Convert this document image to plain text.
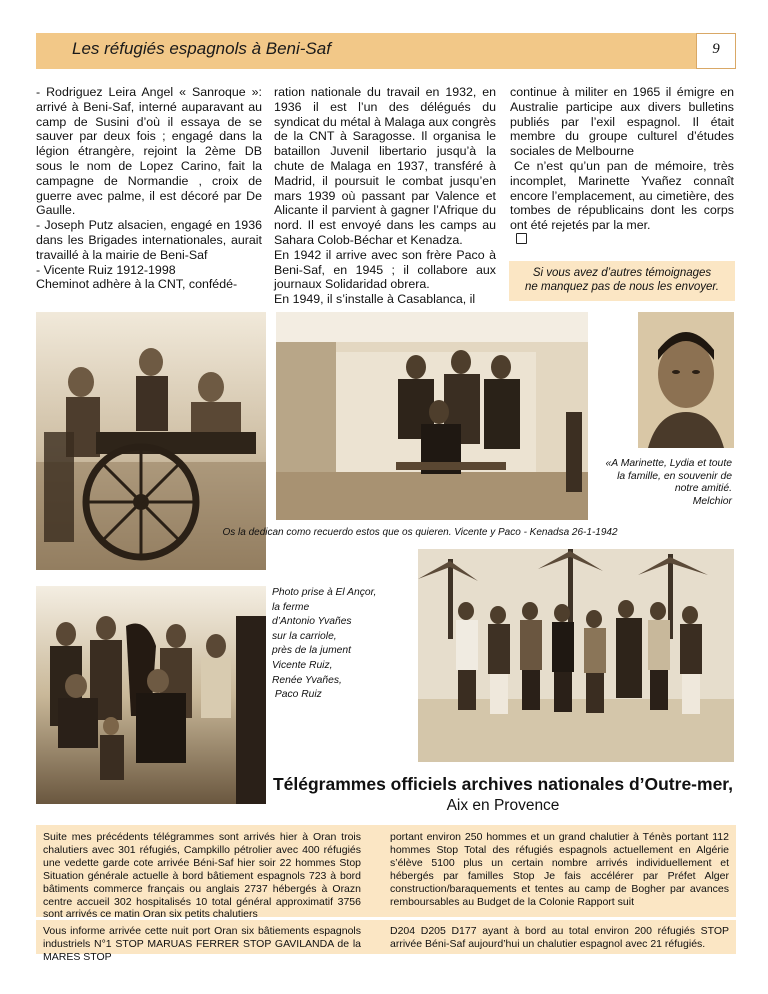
Les réfugiés espagnols à Beni-Saf	9

- Rodriguez Leira Angel « Sanroque »: arrivé à Beni-Saf, interné auparavant au camp de Susini d’où il essaya de se sauver par deux fois ; engagé dans la légion étrangère, rejoint la 2ème DB sous le nom de Lopez Carino, fait la campagne de Normandie , croix de guerre avec palme, il est décoré par De Gaulle.

- Joseph Putz alsacien, engagé en 1936 dans les Brigades internationales, aurait travaillé à la mairie de Beni-Saf

- Vicente Ruiz 1912-1998

Cheminot adhère à la CNT, confédé-

ration nationale du travail en 1932, en 1936 il est l’un des délégués du syndicat du métal à Malaga aux congrès de la CNT à Saragosse. Il organisa le bataillon Juvenil libertario jusqu’à la chute de Malaga en 1937, transféré à Madrid, il poursuit le combat jusqu’en mars 1939 où passant par Valence et Alicante il parvient à gagner l’Afrique du nord. Il est envoyé dans les camps au Sahara Colob-Béchar et Kenadza.

En 1942 il arrive avec son frère Paco à Beni-Saf, en 1945 ; il collabore aux journaux Solidaridad obrera.

En 1949, il s’installe à Casablanca, il

continue à militer en 1965 il émigre en Australie participe aux divers bulletins publiés par l’exil espagnol. Il était membre du groupe culturel d’études sociales de Melbourne

Ce n’est qu’un pan de mémoire, très incomplet, Marinette Yvañez connaît encore l’emplacement, au cimetière, des tombes de républicains dont les corps ont été rejetés par la mer.

Si vous avez d’autres témoignages
ne manquez pas de nous les envoyer.
«A Marinette, Lydia et toute
la famille, en souvenir de
notre amitié.
Melchior
Os la dedican como recuerdo estos que os quieren. Vicente y Paco - Kenadsa 26-1-1942
Photo prise à El Ançor,
la ferme
d’Antonio Yvañes
sur la carriole,
près de la jument
Vicente Ruiz,
Renée Yvañes,
Paco Ruiz
Télégrammes officiels archives nationales d’Outre-mer,
Aix en Provence
Suite mes précédents télégrammes sont arrivés hier à Oran trois chalutiers avec 301 réfugiés, Campkillo pétrolier avec 400 réfugiés une vedette garde cote arrivée Béni-Saf hier soir 22 hommes Stop Situation générale actuelle à bord bâtiement espagnols 723 à bord bâtiments commerce français ou anglais 2737 hébergés à Orazn centre accueil 302 hospitalisés 10 total général approximatif 3756 sont arrivés ce matin Oran six petits chalutiers
portant environ 250 hommes et un grand chalutier à Ténès portant 112 hommes Stop Total des réfugiés espagnols actuellement en Algérie s’élève 5100 plus un certain nombre arrivés individuellement et hébergés par familles Stop Je fais accélérer par Préfet Alger construction/baraquements et tentes au camp de Bogher par avances remboursables au Budget de la Colonie Rapport suit
Vous informe arrivée cette nuit port Oran six bâtiements espagnols industriels N°1 STOP MARUAS FERRER STOP GAVILANDA de la MARES STOP
D204 D205 D177 ayant à bord au total environ 200 réfugiés STOP arrivée Béni-Saf aujourd’hui un chalutier espagnol avec 21 réfugiés.
